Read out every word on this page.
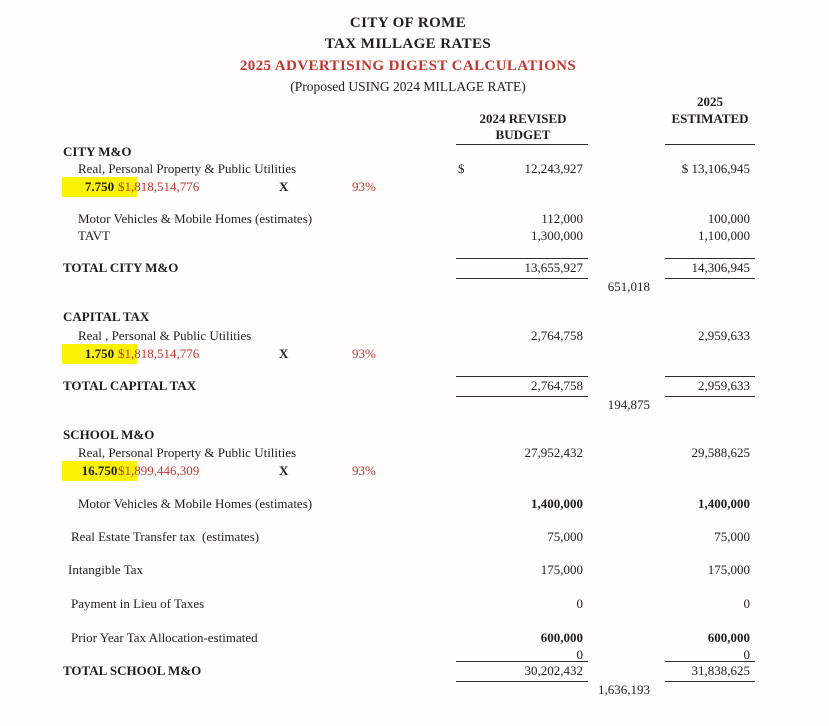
CITY OF ROME
TAX MILLAGE RATES
2025 ADVERTISING DIGEST CALCULATIONS
(Proposed USING 2024 MILLAGE RATE)
2025
2024 REVISED	ESTIMATED
BUDGET
CITY M&O
Real, Personal Property & Public Utilities	$	12,243,927	$ 13,106,945
7.750 $1,818,514,776	X	93%
Motor Vehicles & Mobile Homes (estimates)	112,000	100,000
TAVT	1,300,000	1,100,000
TOTAL CITY M&O	13,655,927	14,306,945
651,018
CAPITAL TAX
Real , Personal & Public Utilities	2,764,758	2,959,633
1.750 $1,818,514,776	X	93%
TOTAL CAPITAL TAX	2,764,758	2,959,633
194,875
SCHOOL M&O
Real, Personal Property & Public Utilities	27,952,432	29,588,625
16.750 $1,899,446,309	X	93%
Motor Vehicles & Mobile Homes (estimates)	1,400,000	1,400,000
Real Estate Transfer tax  (estimates)	75,000	75,000
Intangible Tax	175,000	175,000
Payment in Lieu of Taxes	0	0
Prior Year Tax Allocation-estimated	600,000	600,000
0	0
TOTAL SCHOOL M&O	30,202,432	31,838,625
1,636,193
